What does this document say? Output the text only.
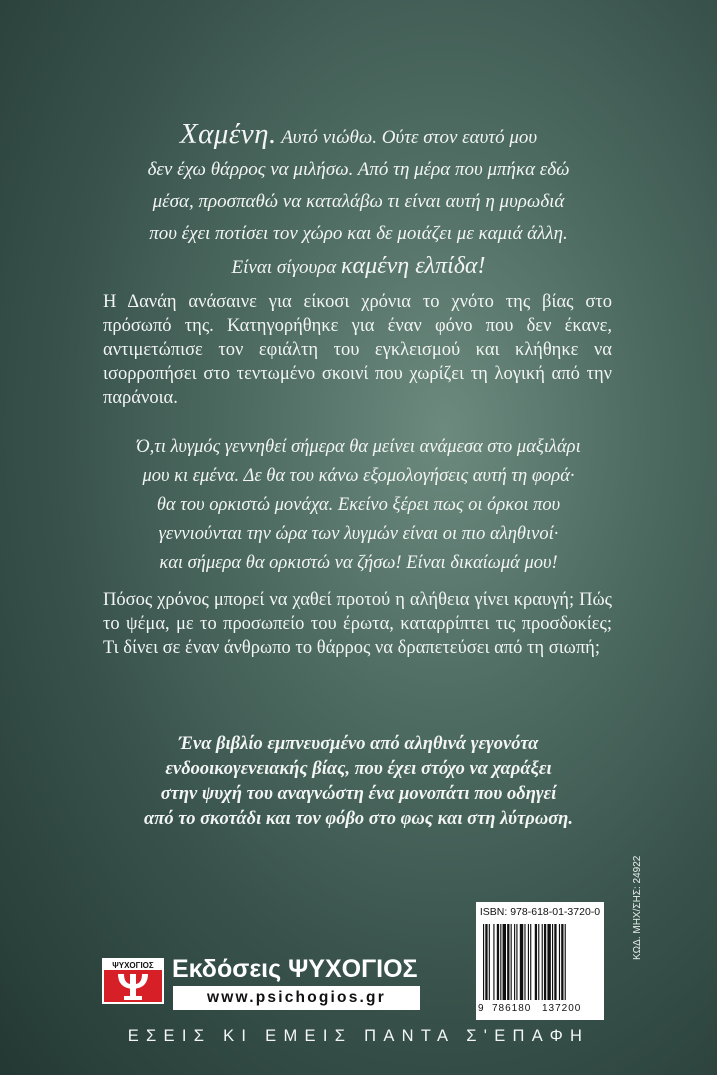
Χαμένη. Αυτό νιώθω. Ούτε στον εαυτό μου
δεν έχω θάρρος να μιλήσω. Από τη μέρα που μπήκα εδώ
μέσα, προσπαθώ να καταλάβω τι είναι αυτή η μυρωδιά
που έχει ποτίσει τον χώρο και δε μοιάζει με καμιά άλλη.
Είναι σίγουρα καμένη ελπίδα!
Η Δανάη ανάσαινε για είκοσι χρόνια το χνότο της βίας στο πρόσωπό της. Κατηγορήθηκε για έναν φόνο που δεν έκανε, αντιμετώπισε τον εφιάλτη του εγκλεισμού και κλήθηκε να ισορροπήσει στο τεντωμένο σκοινί που χωρίζει τη λογική από την παράνοια.
Ό,τι λυγμός γεννηθεί σήμερα θα μείνει ανάμεσα στο μαξιλάρι
μου κι εμένα. Δε θα του κάνω εξομολογήσεις αυτή τη φορά·
θα του ορκιστώ μονάχα. Εκείνο ξέρει πως οι όρκοι που
γεννιούνται την ώρα των λυγμών είναι οι πιο αληθινοί·
και σήμερα θα ορκιστώ να ζήσω! Είναι δικαίωμά μου!
Πόσος χρόνος μπορεί να χαθεί προτού η αλήθεια γίνει κραυγή; Πώς το ψέμα, με το προσωπείο του έρωτα, καταρρίπτει τις προσδοκίες; Τι δίνει σε έναν άνθρωπο το θάρρος να δραπετεύσει από τη σιωπή;
Ένα βιβλίο εμπνευσμένο από αληθινά γεγονότα
ενδοοικογενειακής βίας, που έχει στόχο να χαράξει
στην ψυχή του αναγνώστη ένα μονοπάτι που οδηγεί
από το σκοτάδι και τον φόβο στο φως και στη λύτρωση.
ISBN: 978-618-01-3720-0
9 786180 137200
ΚΩΔ. ΜΗΧ/ΣΗΣ: 24922
ΨΥΧΟΓΙΟΣ Εκδόσεις ΨΥΧΟΓΙΟΣ
www.psichogios.gr
ΕΣΕΙΣ ΚΙ ΕΜΕΙΣ ΠΑΝΤΑ Σ'ΕΠΑΦΗ
